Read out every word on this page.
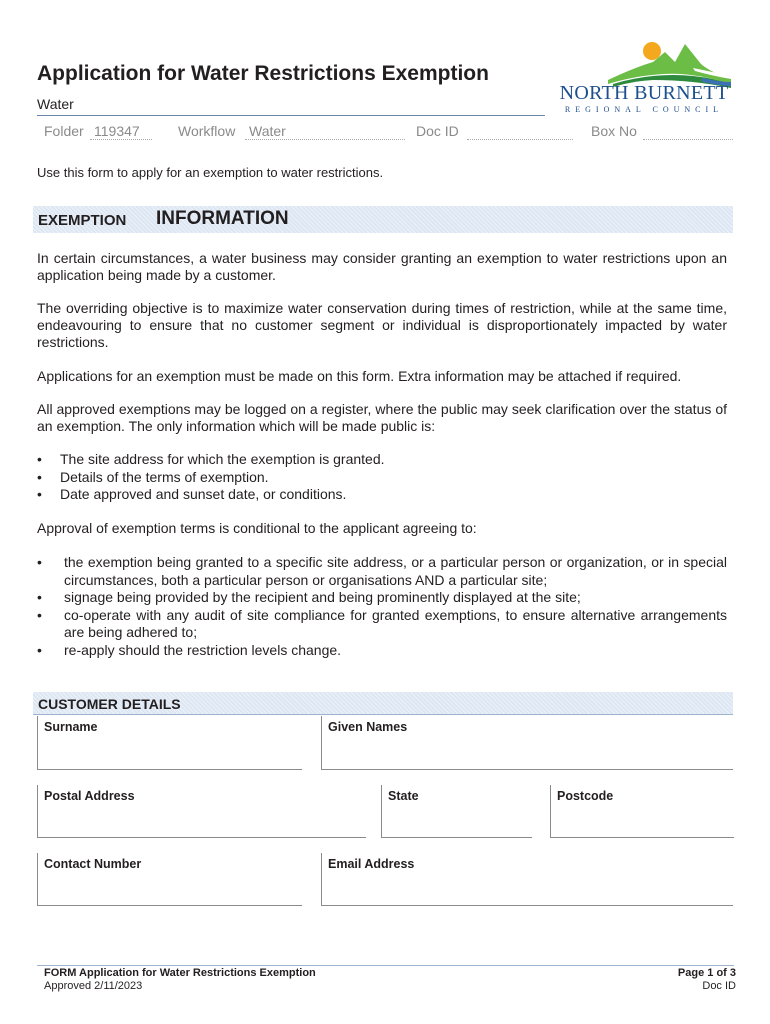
Application for Water Restrictions Exemption
Water
Folder 119347	Workflow Water	Doc ID	Box No
NORTH BURNETT
REGIONAL COUNCIL
Use this form to apply for an exemption to water restrictions.
EXEMPTION INFORMATION
In certain circumstances, a water business may consider granting an exemption to water restrictions upon an application being made by a customer.
The overriding objective is to maximize water conservation during times of restriction, while at the same time, endeavouring to ensure that no customer segment or individual is disproportionately impacted by water restrictions.
Applications for an exemption must be made on this form. Extra information may be attached if required.
All approved exemptions may be logged on a register, where the public may seek clarification over the status of an exemption. The only information which will be made public is:
• The site address for which the exemption is granted.
• Details of the terms of exemption.
• Date approved and sunset date, or conditions.
Approval of exemption terms is conditional to the applicant agreeing to:
• the exemption being granted to a specific site address, or a particular person or organization, or in special circumstances, both a particular person or organisations AND a particular site;
• signage being provided by the recipient and being prominently displayed at the site;
• co-operate with any audit of site compliance for granted exemptions, to ensure alternative arrangements are being adhered to;
• re-apply should the restriction levels change.
CUSTOMER DETAILS
Surname	Given Names
Postal Address	State	Postcode
Contact Number	Email Address
FORM Application for Water Restrictions Exemption
Approved 2/11/2023
Page 1 of 3
Doc ID
